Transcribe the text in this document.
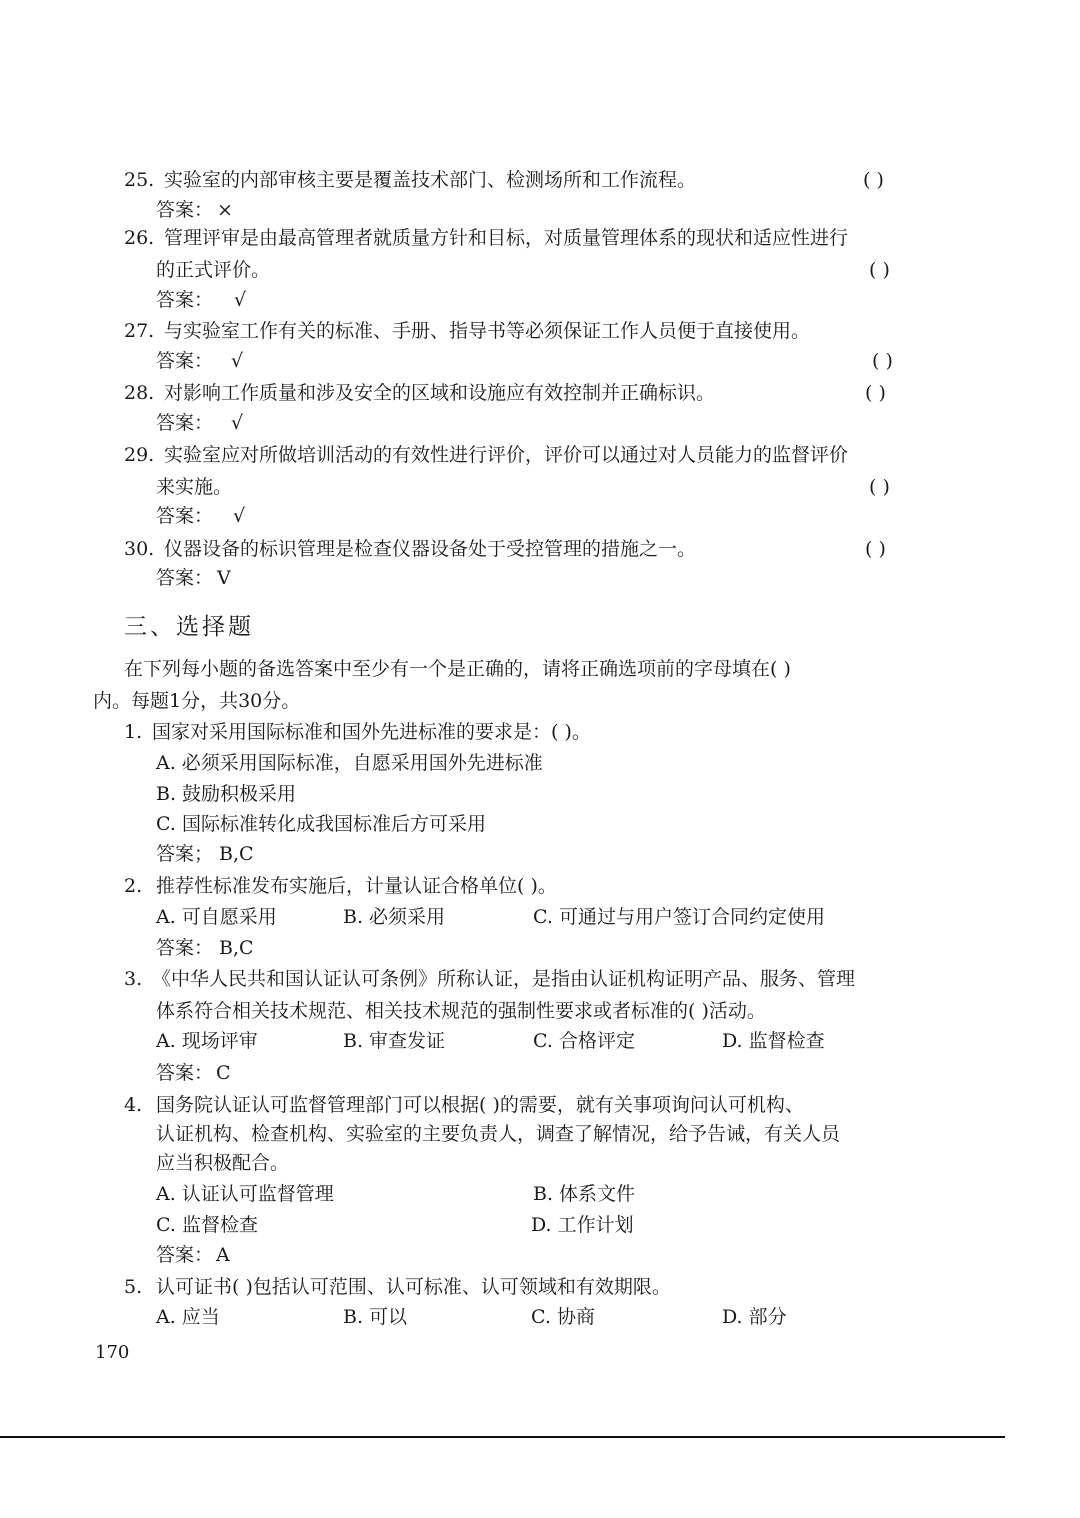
25. 实验室的内部审核主要是覆盖技术部门、检测场所和工作流程。	( )
答案： ×
26. 管理评审是由最高管理者就质量方针和目标，对质量管理体系的现状和适应性进行
的正式评价。	( )
答案： √
27. 与实验室工作有关的标准、手册、指导书等必须保证工作人员便于直接使用。
答案： √	( )
28. 对影响工作质量和涉及安全的区域和设施应有效控制并正确标识。	( )
答案： √
29. 实验室应对所做培训活动的有效性进行评价，评价可以通过对人员能力的监督评价
来实施。	( )
答案： √
30. 仪器设备的标识管理是检查仪器设备处于受控管理的措施之一。	( )
答案： V
三、选择题
在下列每小题的备选答案中至少有一个是正确的，请将正确选项前的字母填在( )
内。每题1分，共30分。
1. 国家对采用国际标准和国外先进标准的要求是：( )。
A. 必须采用国际标准，自愿采用国外先进标准
B. 鼓励积极采用
C. 国际标准转化成我国标准后方可采用
答案； B,C
2. 推荐性标准发布实施后，计量认证合格单位( )。
A. 可自愿采用	B. 必须采用	C. 可通过与用户签订合同约定使用
答案： B,C
3. 《中华人民共和国认证认可条例》所称认证，是指由认证机构证明产品、服务、管理
体系符合相关技术规范、相关技术规范的强制性要求或者标准的( )活动。
A. 现场评审	B. 审查发证	C. 合格评定	D. 监督检查
答案： C
4. 国务院认证认可监督管理部门可以根据( )的需要，就有关事项询问认可机构、
认证机构、检查机构、实验室的主要负责人，调查了解情况，给予告诫，有关人员
应当积极配合。
A. 认证认可监督管理	B. 体系文件
C. 监督检查	D. 工作计划
答案： A
5. 认可证书( )包括认可范围、认可标准、认可领域和有效期限。
A. 应当	B. 可以	C. 协商	D. 部分
170
